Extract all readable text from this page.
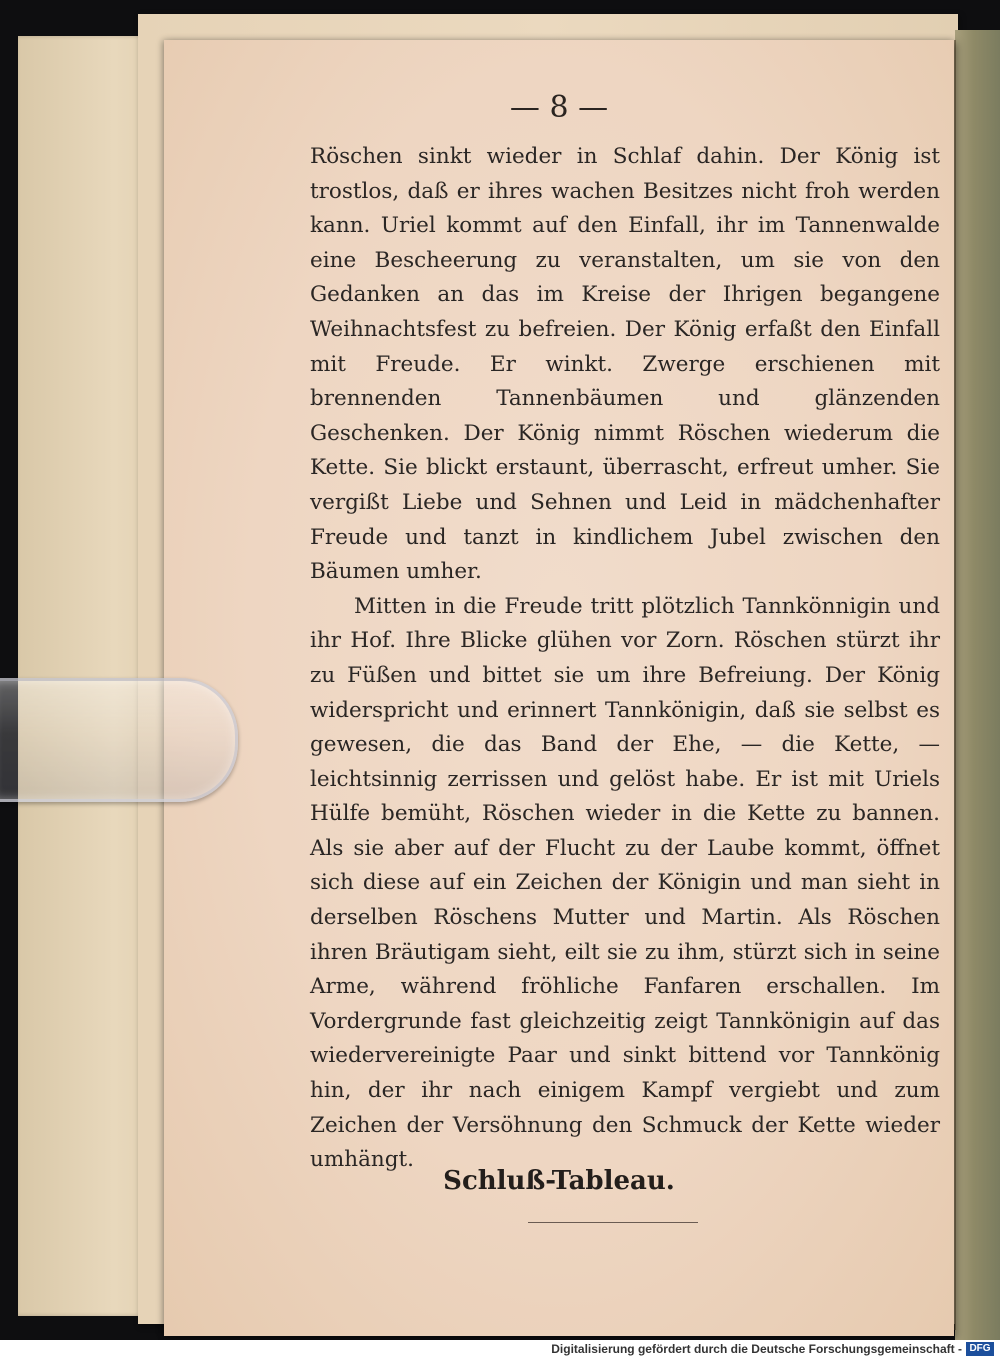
— 8 —

Röschen sinkt wieder in Schlaf dahin. Der König ist trostlos, daß er ihres wachen Besitzes nicht froh werden kann. Uriel kommt auf den Einfall, ihr im Tannenwalde eine Bescheerung zu veranstalten, um sie von den Gedanken an das im Kreise der Ihrigen begangene Weihnachtsfest zu befreien. Der König erfaßt den Einfall mit Freude. Er winkt. Zwerge erschienen mit brennenden Tannenbäumen und glänzenden Geschenken. Der König nimmt Röschen wiederum die Kette. Sie blickt erstaunt, überrascht, erfreut umher. Sie vergißt Liebe und Sehnen und Leid in mädchenhafter Freude und tanzt in kindlichem Jubel zwischen den Bäumen umher.

Mitten in die Freude tritt plötzlich Tannkönnigin und ihr Hof. Ihre Blicke glühen vor Zorn. Röschen stürzt ihr zu Füßen und bittet sie um ihre Befreiung. Der König widerspricht und erinnert Tannkönigin, daß sie selbst es gewesen, die das Band der Ehe, — die Kette, — leichtsinnig zerrissen und gelöst habe. Er ist mit Uriels Hülfe bemüht, Röschen wieder in die Kette zu bannen. Als sie aber auf der Flucht zu der Laube kommt, öffnet sich diese auf ein Zeichen der Königin und man sieht in derselben Röschens Mutter und Martin. Als Röschen ihren Bräutigam sieht, eilt sie zu ihm, stürzt sich in seine Arme, während fröhliche Fanfaren erschallen. Im Vordergrunde fast gleichzeitig zeigt Tannkönigin auf das wiedervereinigte Paar und sinkt bittend vor Tannkönig hin, der ihr nach einigem Kampf vergiebt und zum Zeichen der Versöhnung den Schmuck der Kette wieder umhängt.

Schluß-Tableau.
Digitalisierung gefördert durch die Deutsche Forschungsgemeinschaft - DFG
